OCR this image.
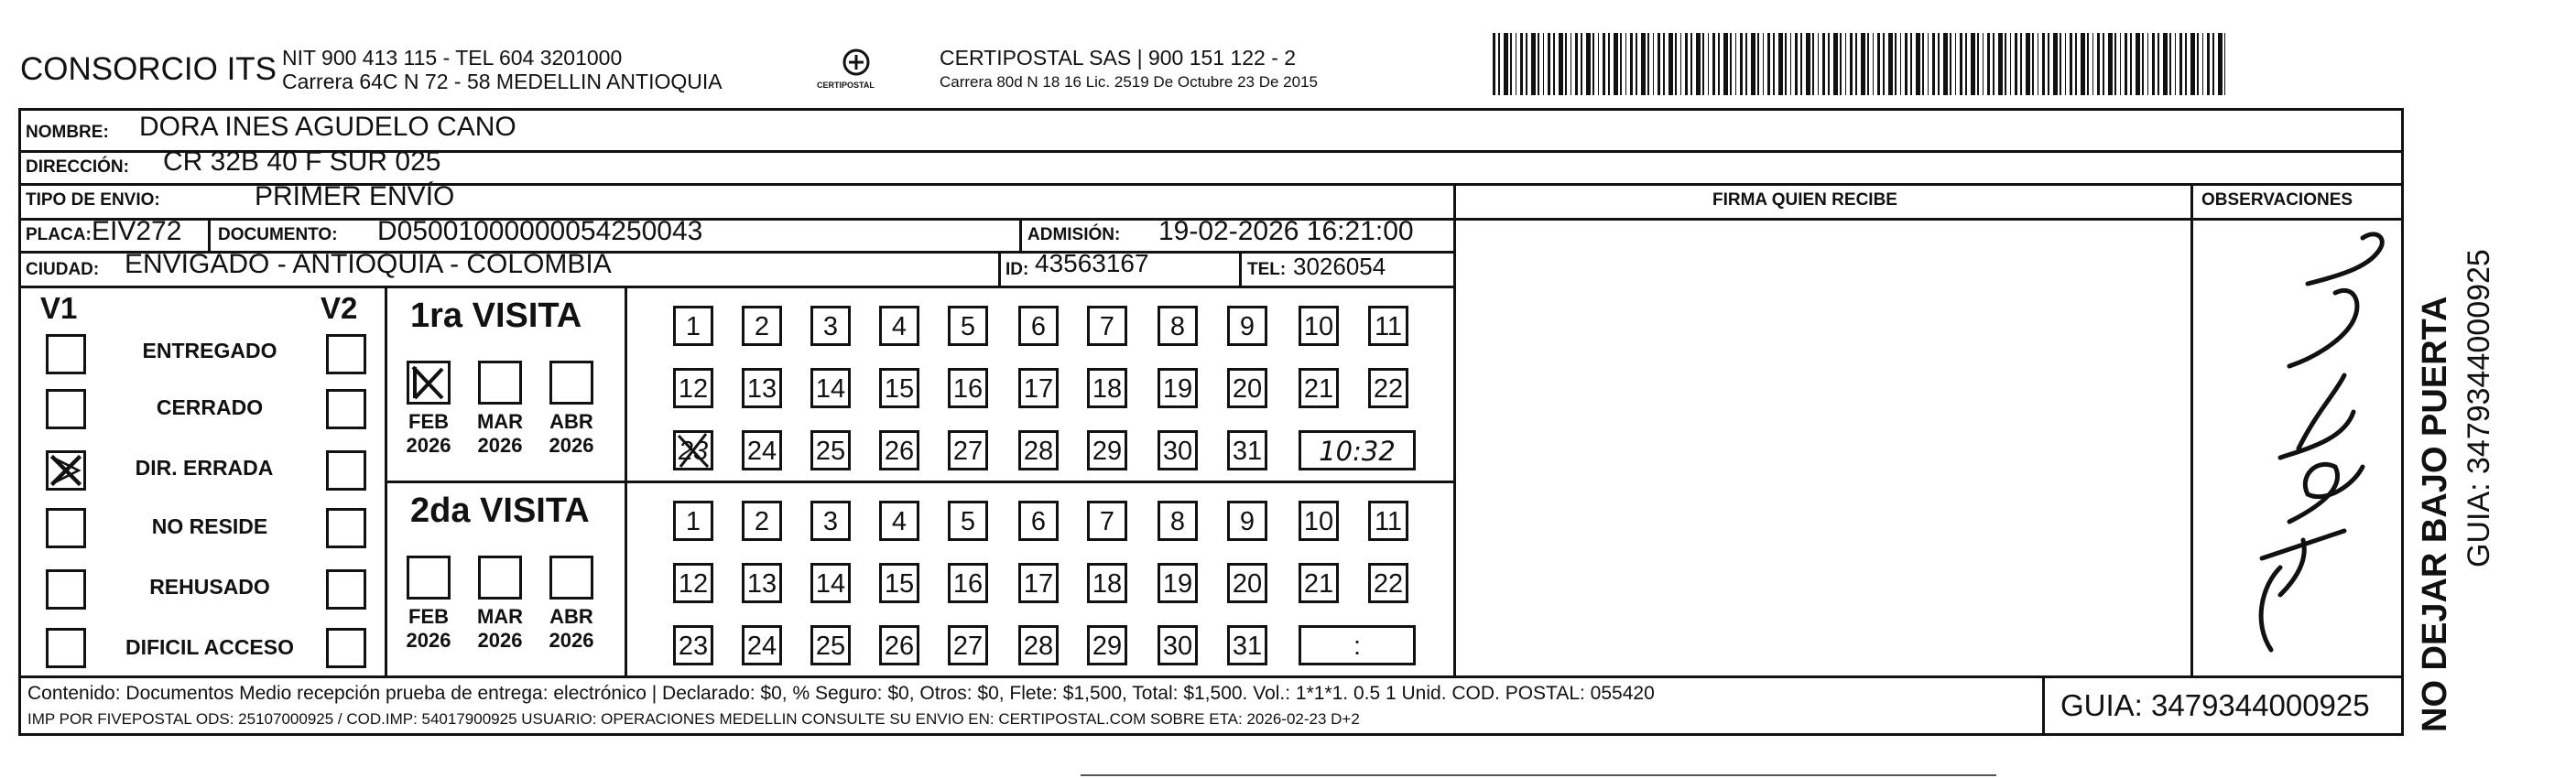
CONSORCIO ITS NIT 900 413 115 - TEL 604 3201000
Carrera 64C N 72 - 58 MEDELLIN ANTIOQUIA	CERTIPOSTAL
CERTIPOSTAL SAS | 900 151 122 - 2
Carrera 80d N 18 16 Lic. 2519 De Octubre 23 De 2015
NOMBRE: DORA INES AGUDELO CANO
DIRECCIÓN: CR 32B 40 F SUR 025
TIPO DE ENVIO:	PRIMER ENVÍO	FIRMA QUIEN RECIBE	OBSERVACIONES
PLACA: EIV272 DOCUMENTO: D05001000000054250043	ADMISIÓN: 19-02-2026 16:21:00
CIUDAD: ENVIGADO - ANTIOQUIA - COLOMBIA	ID: 43563167	TEL: 3026054
V1	V2
ENTREGADO
CERRADO
DIR. ERRADA
NO RESIDE
REHUSADO
DIFICIL ACCESO
1ra VISITA
FEB
2026
MAR
2026
ABR
2026
1	2	3	4	5	6	7	8	9	10 11
12 13 14 15 16 17 18 19 20 21 22
23 24 25 26 27 28 29 30 31	10:32
2da VISITA
FEB
2026
MAR
2026
ABR
2026
1	2	3	4	5	6	7	8	9	10 11
12 13 14 15 16 17 18 19 20 21 22
23 24 25 26 27 28 29 30 31	:
Contenido: Documentos Medio recepción prueba de entrega: electrónico | Declarado: $0, % Seguro: $0, Otros: $0, Flete: $1,500, Total: $1,500. Vol.: 1*1*1. 0.5 1 Unid. COD. POSTAL: 055420
IMP POR FIVEPOSTAL ODS: 25107000925 / COD.IMP: 54017900925 USUARIO: OPERACIONES MEDELLIN CONSULTE SU ENVIO EN: CERTIPOSTAL.COM SOBRE ETA: 2026-02-23 D+2	GUIA: 3479344000925 NO DEJAR BAJO PUERTA GUIA: 3479344000925
